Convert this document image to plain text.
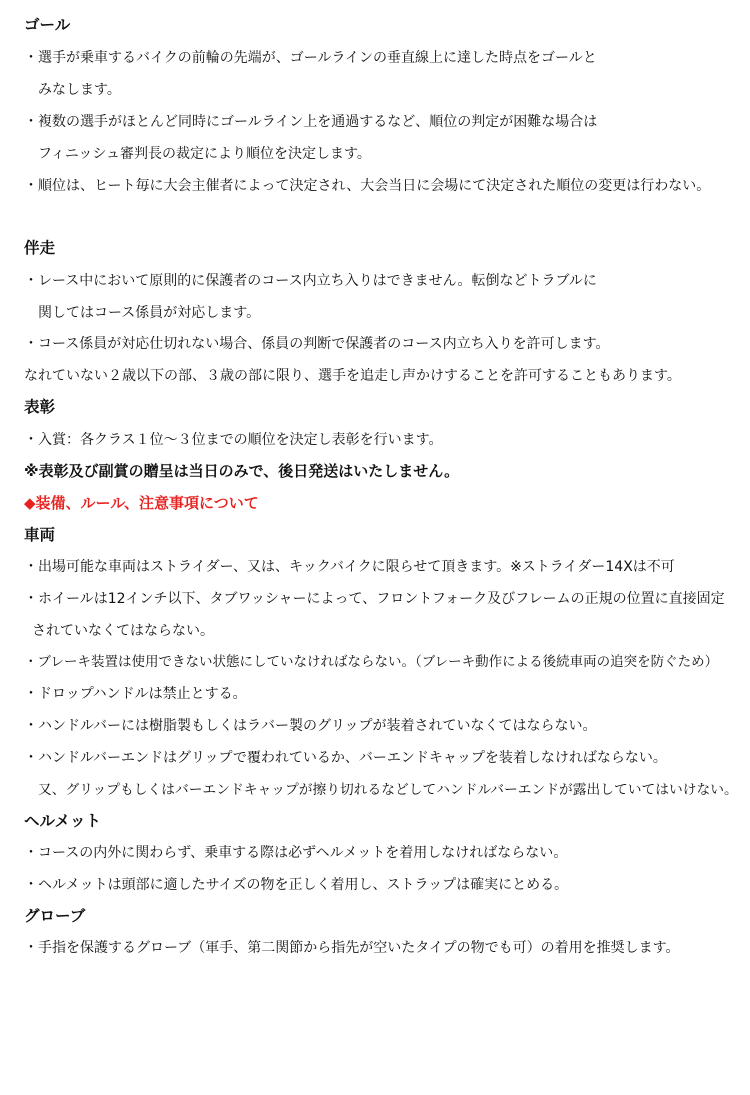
ゴール
・選手が乗車するバイクの前輪の先端が、ゴールラインの垂直線上に達した時点をゴールと
みなします。
・複数の選手がほとんど同時にゴールライン上を通過するなど、順位の判定が困難な場合は
フィニッシュ審判長の裁定により順位を決定します。
・順位は、ヒート毎に大会主催者によって決定され、大会当日に会場にて決定された順位の変更は行わない。
伴走
・レース中において原則的に保護者のコース内立ち入りはできません。転倒などトラブルに
関してはコース係員が対応します。
・コース係員が対応仕切れない場合、係員の判断で保護者のコース内立ち入りを許可します。
なれていない２歳以下の部、３歳の部に限り、選手を追走し声かけすることを許可することもあります。
表彰
・入賞：各クラス１位～３位までの順位を決定し表彰を行います。
※表彰及び副賞の贈呈は当日のみで、後日発送はいたしません。
◆装備、ルール、注意事項について
車両
・出場可能な車両はストライダー、又は、キックバイクに限らせて頂きます。※ストライダー14Xは不可
・ホイールは12インチ以下、タブワッシャーによって、フロントフォーク及びフレームの正規の位置に直接固定
されていなくてはならない。
・ブレーキ装置は使用できない状態にしていなければならない。（ブレーキ動作による後続車両の追突を防ぐため）
・ドロップハンドルは禁止とする。
・ハンドルバーには樹脂製もしくはラバー製のグリップが装着されていなくてはならない。
・ハンドルバーエンドはグリップで覆われているか、バーエンドキャップを装着しなければならない。
又、グリップもしくはバーエンドキャップが擦り切れるなどしてハンドルバーエンドが露出していてはいけない。
ヘルメット
・コースの内外に関わらず、乗車する際は必ずヘルメットを着用しなければならない。
・ヘルメットは頭部に適したサイズの物を正しく着用し、ストラップは確実にとめる。
グローブ
・手指を保護するグローブ（軍手、第二関節から指先が空いたタイプの物でも可）の着用を推奨します。
